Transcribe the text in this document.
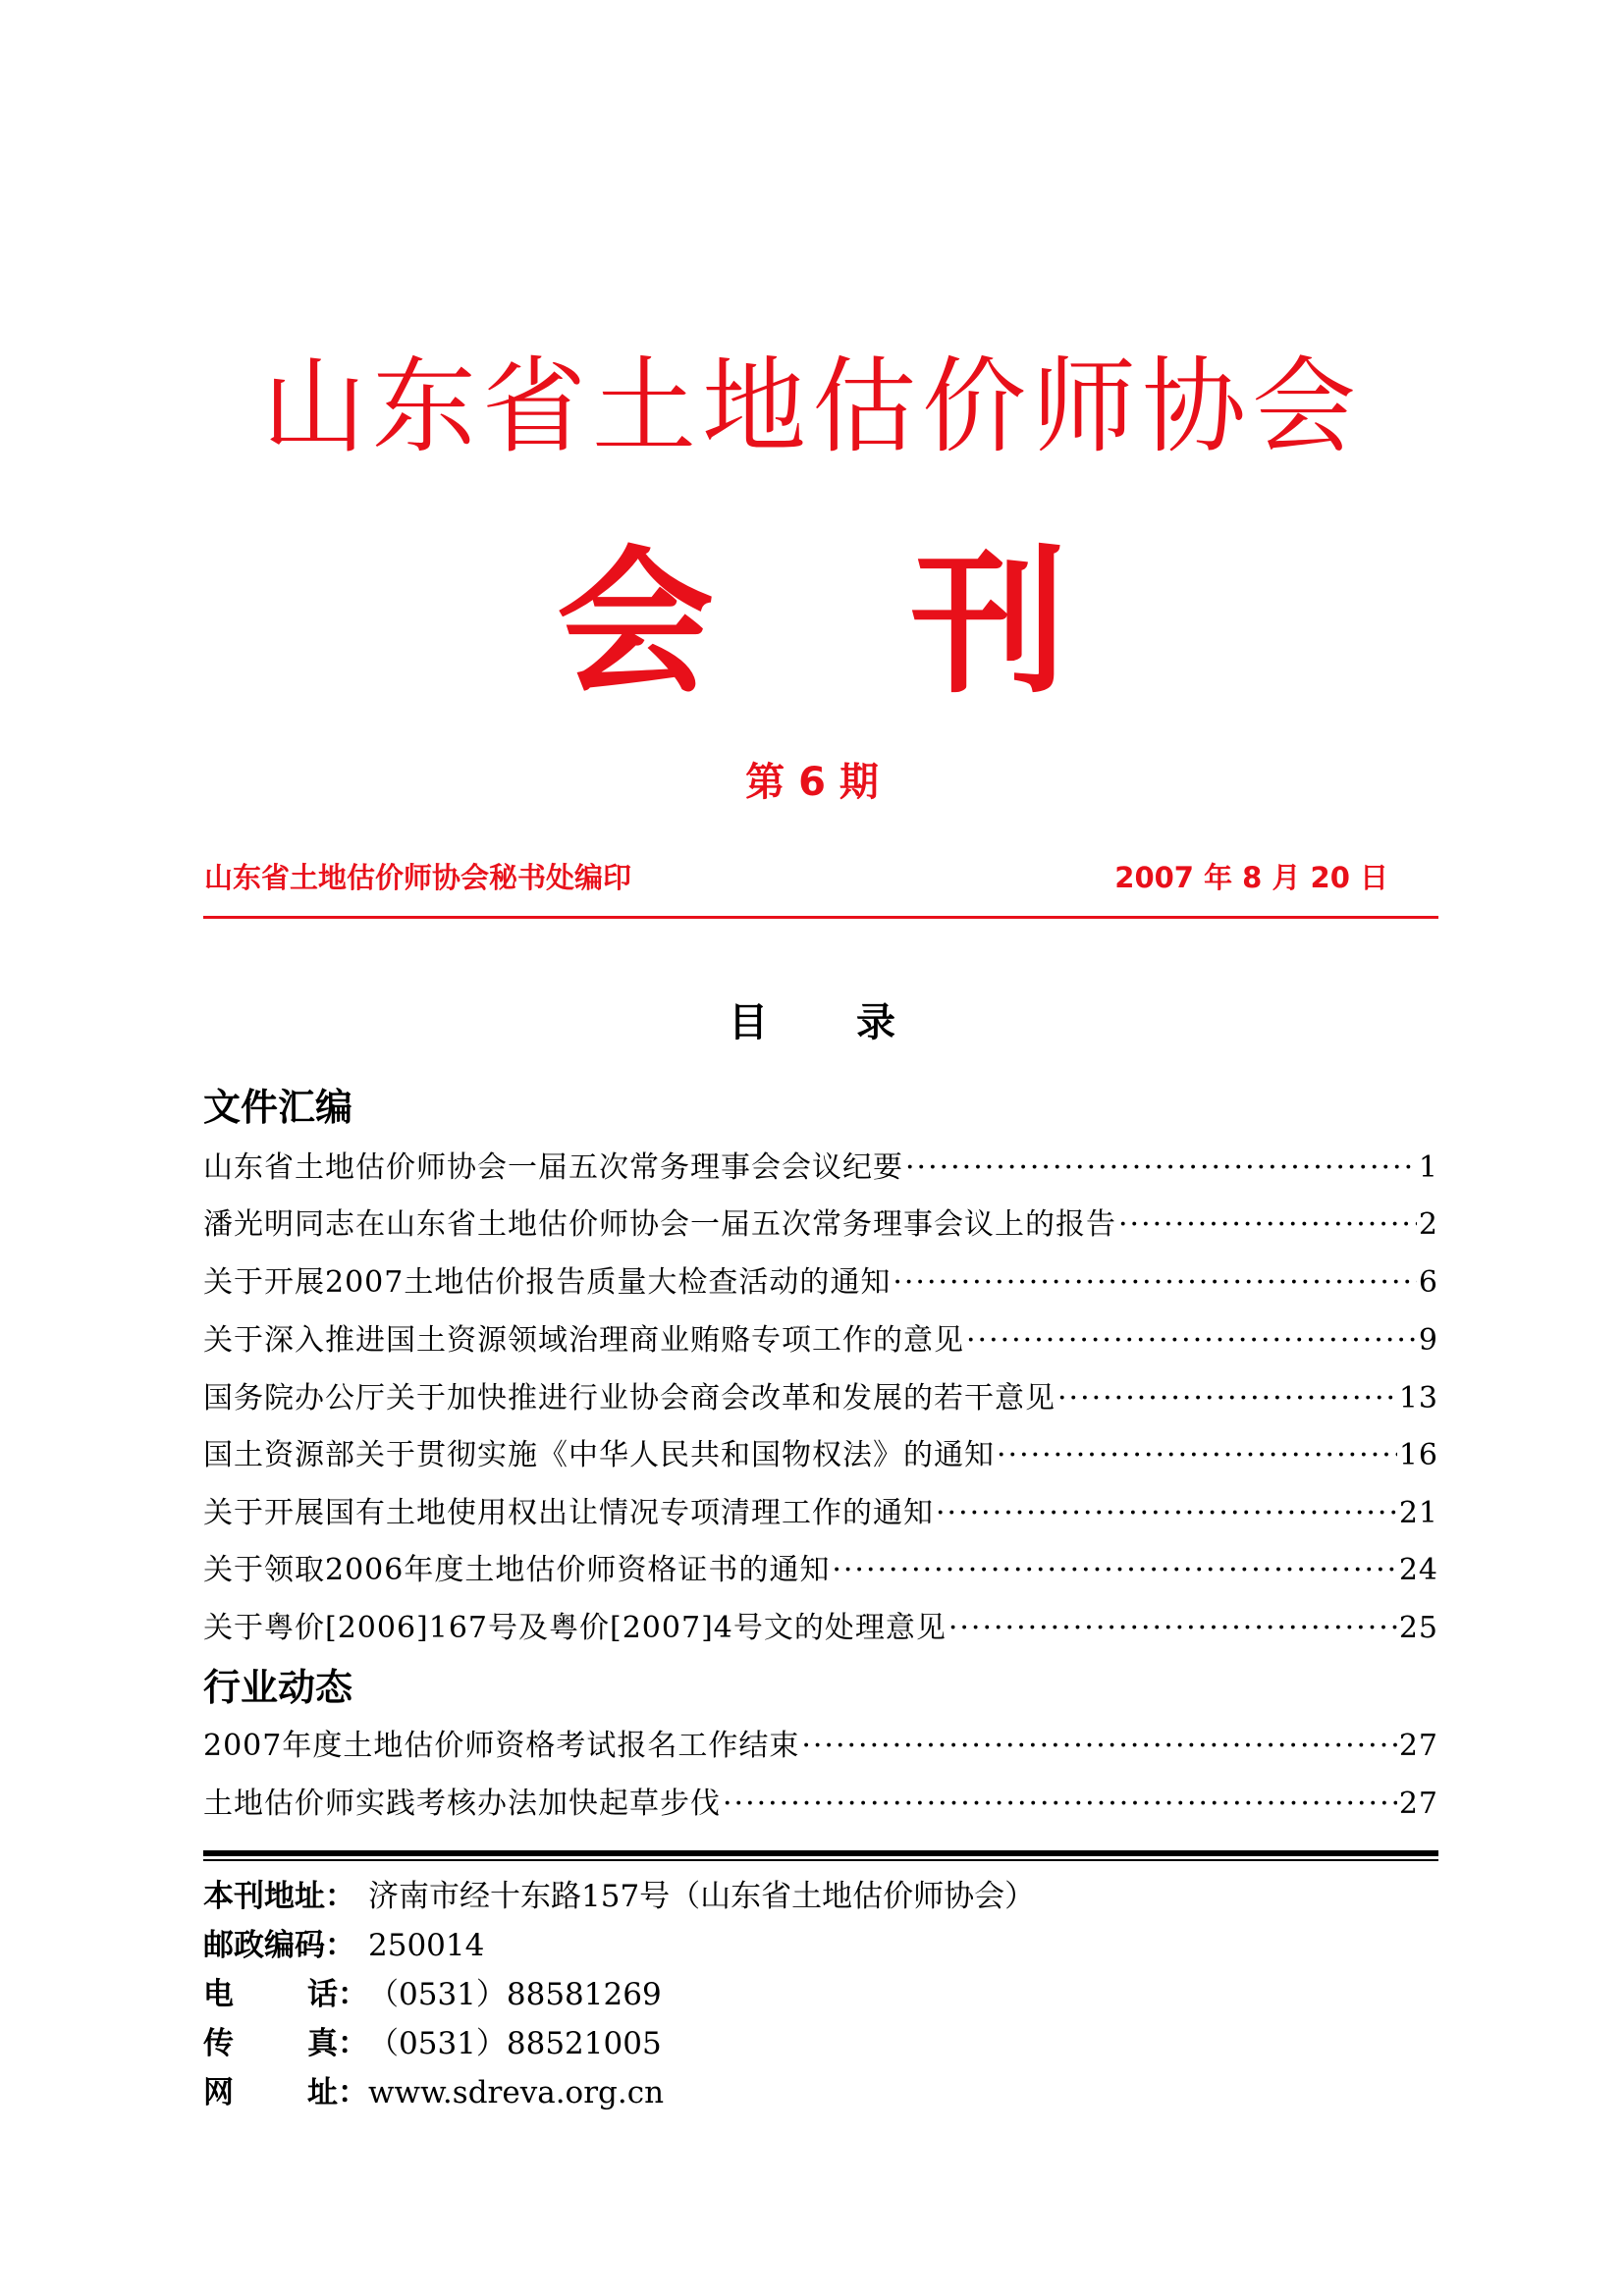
山东省土地估价师协会
会 刊
第 6 期
山东省土地估价师协会秘书处编印	2007 年 8 月 20 日
目 录
文件汇编
山东省土地估价师协会一届五次常务理事会会议纪要 ·····	1
潘光明同志在山东省土地估价师协会一届五次常务理事会议上的报告 ·····	2
关于开展2007土地估价报告质量大检查活动的通知 ·····	6
关于深入推进国土资源领域治理商业贿赂专项工作的意见 ·····	9
国务院办公厅关于加快推进行业协会商会改革和发展的若干意见 ·····	13
国土资源部关于贯彻实施《中华人民共和国物权法》的通知 ·····	16
关于开展国有土地使用权出让情况专项清理工作的通知 ·····	21
关于领取2006年度土地估价师资格证书的通知 ·····	24
关于粤价[2006]167号及粤价[2007]4号文的处理意见 ·····	25
行业动态
2007年度土地估价师资格考试报名工作结束 ·····	27
土地估价师实践考核办法加快起草步伐 ·····	27
本刊地址： 济南市经十东路157号（山东省土地估价师协会）
邮政编码： 250014
电 话： （0531）88581269
传 真： （0531）88521005
网 址： www.sdreva.org.cn
